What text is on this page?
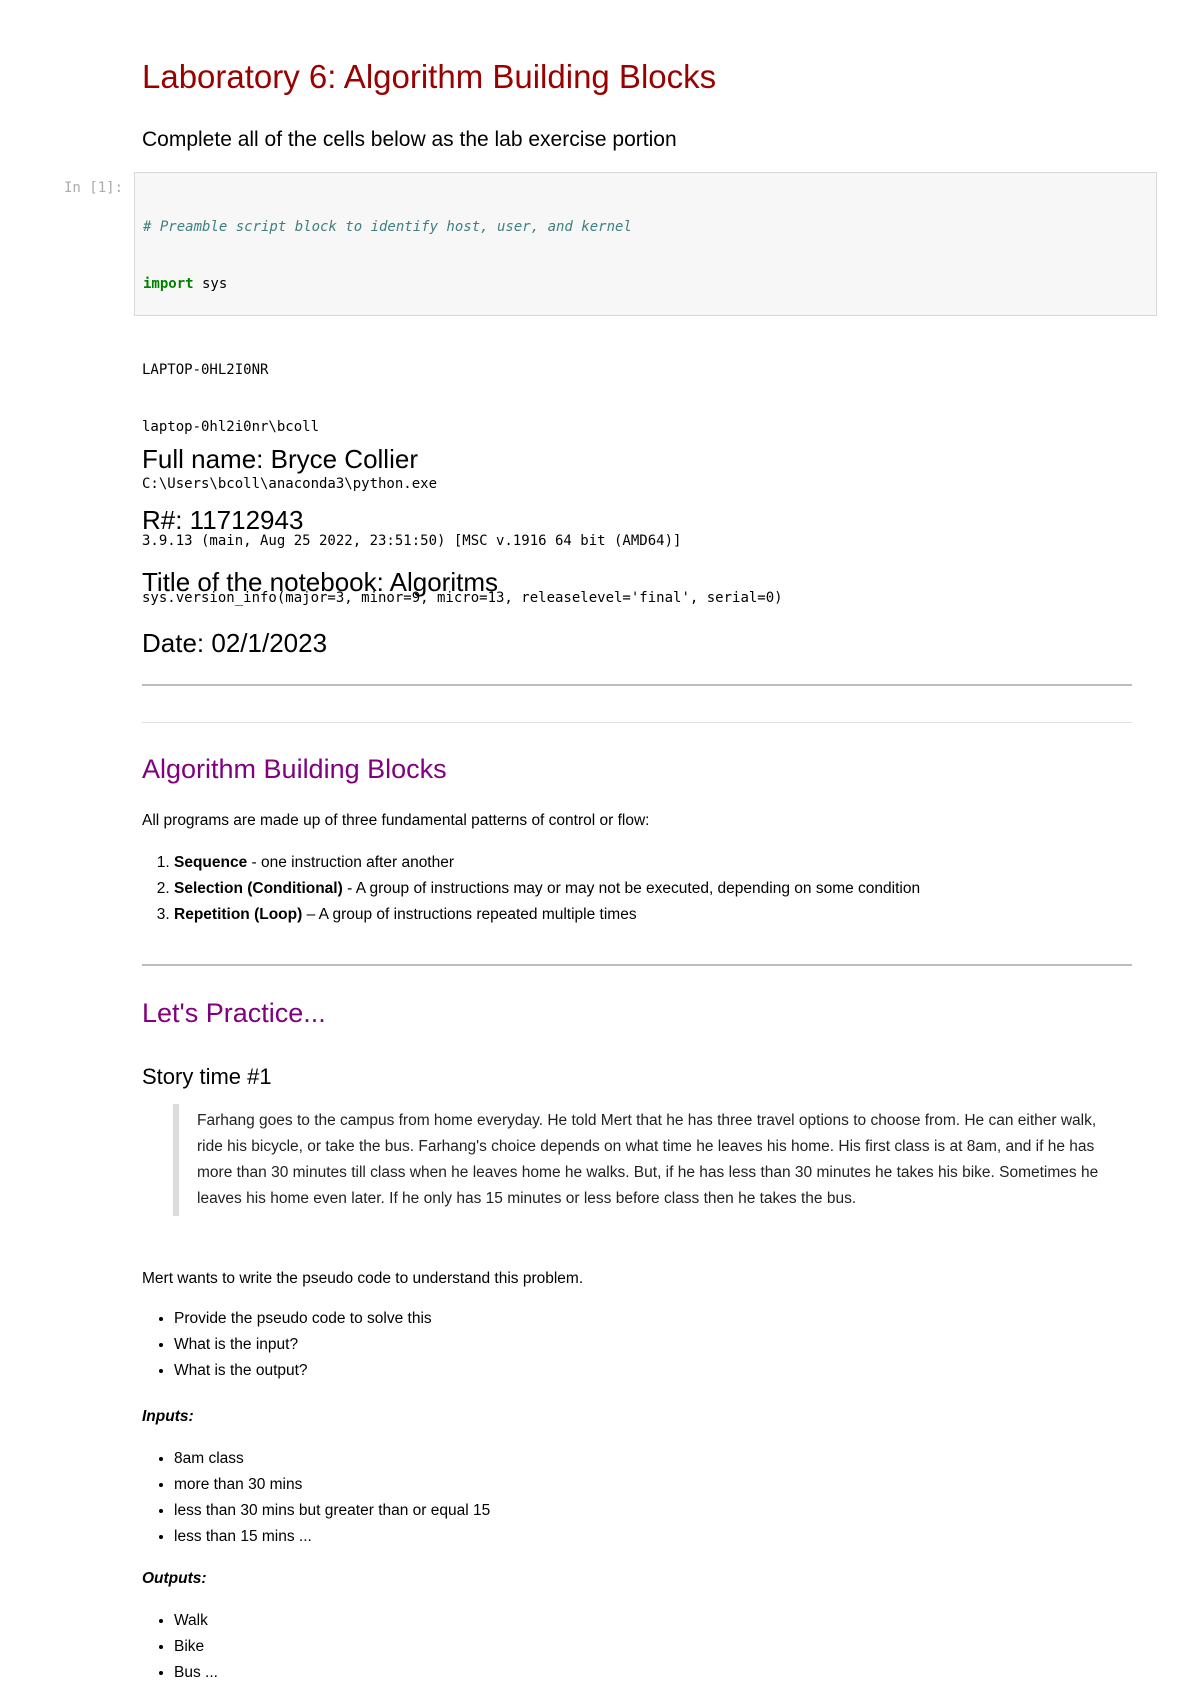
Laboratory 6: Algorithm Building Blocks
Complete all of the cells below as the lab exercise portion
In [1]:

# Preamble script block to identify host, user, and kernel

import sys

LAPTOP-0HL2I0NR

laptop-0hl2i0nr\bcoll

C:\Users\bcoll\anaconda3\python.exe

3.9.13 (main, Aug 25 2022, 23:51:50) [MSC v.1916 64 bit (AMD64)]

sys.version_info(major=3, minor=9, micro=13, releaselevel='final', serial=0)

Full name: Bryce Collier
R#: 11712943
Title of the notebook: Algoritms
Date: 02/1/2023
Algorithm Building Blocks
All programs are made up of three fundamental patterns of control or flow:
1. Sequence - one instruction after another
2. Selection (Conditional) - A group of instructions may or may not be executed, depending on some condition
3. Repetition (Loop) – A group of instructions repeated multiple times
Let's Practice...
Story time #1
Farhang goes to the campus from home everyday. He told Mert that he has three travel options to choose from. He can either walk, ride his bicycle, or take the bus. Farhang's choice depends on what time he leaves his home. His first class is at 8am, and if he has more than 30 minutes till class when he leaves home he walks. But, if he has less than 30 minutes he takes his bike. Sometimes he leaves his home even later. If he only has 15 minutes or less before class then he takes the bus.
Mert wants to write the pseudo code to understand this problem.
• Provide the pseudo code to solve this
• What is the input?
• What is the output?
Inputs:
• 8am class
• more than 30 mins
• less than 30 mins but greater than or equal 15
• less than 15 mins ...
Outputs:
• Walk
• Bike
• Bus ...
